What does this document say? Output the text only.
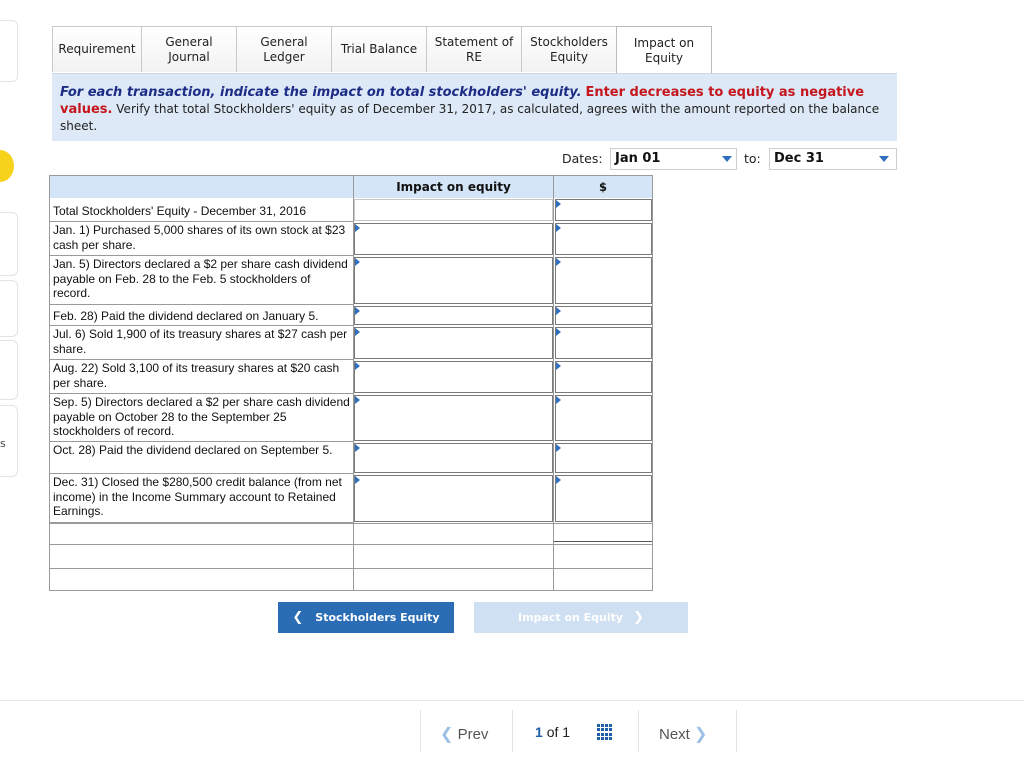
s
Requirement
General Journal
General Ledger
Trial Balance
Statement of RE
Stockholders Equity
Impact on Equity
For each transaction, indicate the impact on total stockholders' equity. Enter decreases to equity as negative values. Verify that total Stockholders' equity as of December 31, 2017, as calculated, agrees with the amount reported on the balance sheet.
Dates: Jan 01	to:	Dec 31
Impact on equity	$
Total Stockholders' Equity - December 31, 2016
Jan. 1) Purchased 5,000 shares of its own stock at $23 cash per share.
Jan. 5) Directors declared a $2 per share cash dividend payable on Feb. 28 to the Feb. 5 stockholders of record.
Feb. 28) Paid the dividend declared on January 5.
Jul. 6) Sold 1,900 of its treasury shares at $27 cash per share.
Aug. 22) Sold 3,100 of its treasury shares at $20 cash per share.
Sep. 5) Directors declared a $2 per share cash dividend payable on October 28 to the September 25 stockholders of record.
Oct. 28) Paid the dividend declared on September 5.
Dec. 31) Closed the $280,500 credit balance (from net income) in the Income Summary account to Retained Earnings.
❮ Stockholders Equity	Impact on Equity ❯
❮ Prev	1 of 1	Next ❯
